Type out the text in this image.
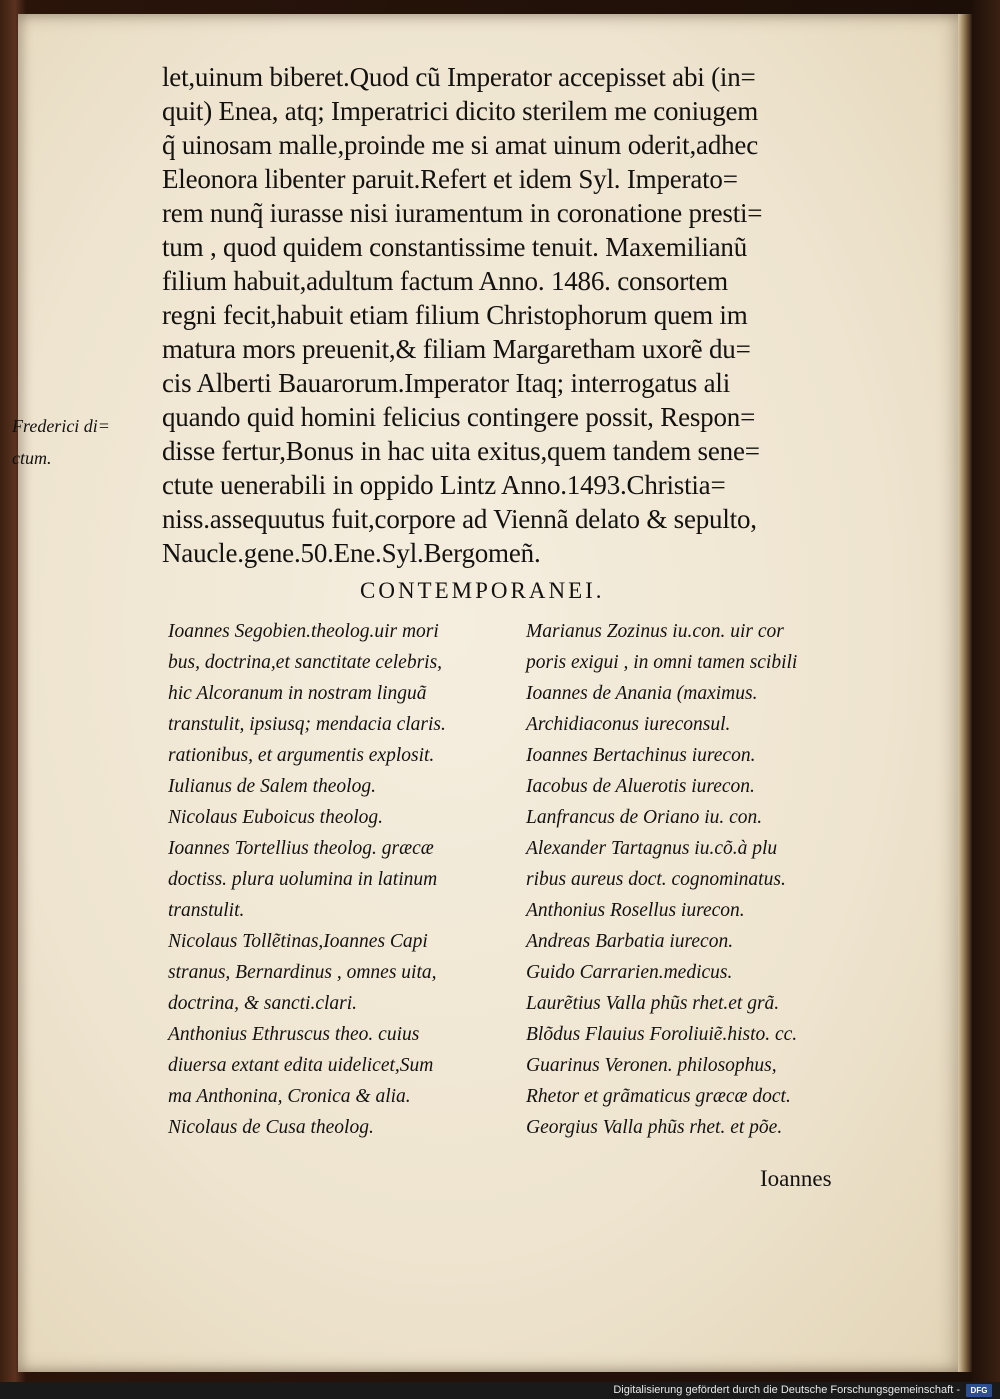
let,uinum biberet.Quod cũ Imperator accepisset abi (in=
quit) Enea, atq; Imperatrici dicito sterilem me coniugem
q̃ uinosam malle,proinde me si amat uinum oderit,adhec
Eleonora libenter paruit.Refert et idem Syl. Imperato=
rem nunq̃ iurasse nisi iuramentum in coronatione presti=
tum , quod quidem constantissime tenuit. Maxemilianũ
filium habuit,adultum factum Anno. 1486. consortem
regni fecit,habuit etiam filium Christophorum quem im
matura mors preuenit,& filiam Margaretham uxorẽ du=
cis Alberti Bauarorum.Imperator Itaq; interrogatus ali
quando quid homini felicius contingere possit, Respon=
disse fertur,Bonus in hac uita exitus,quem tandem sene=
ctute uenerabili in oppido Lintz Anno.1493.Christia=
niss.assequutus fuit,corpore ad Viennã delato & sepulto,
Naucle.gene.50.Ene.Syl.Bergomeñ.
Frederici di=
ctum.
CONTEMPORANEI.
Ioannes Segobien.theolog.uir mori
bus, doctrina,et sanctitate celebris,
hic Alcoranum in nostram linguã
transtulit, ipsiusq; mendacia claris.
rationibus, et argumentis explosit.
Iulianus de Salem theolog.
Nicolaus Euboicus theolog.
Ioannes Tortellius theolog. græcæ
doctiss. plura uolumina in latinum
transtulit.
Nicolaus Tollẽtinas,Ioannes Capi
stranus, Bernardinus , omnes uita,
doctrina, & sancti.clari.
Anthonius Ethruscus theo. cuius
diuersa extant edita uidelicet,Sum
ma Anthonina, Cronica & alia.
Nicolaus de Cusa theolog.
Marianus Zozinus iu.con. uir cor
poris exigui , in omni tamen scibili
Ioannes de Anania (maximus.
Archidiaconus iureconsul.
Ioannes Bertachinus iurecon.
Iacobus de Aluerotis iurecon.
Lanfrancus de Oriano iu. con.
Alexander Tartagnus iu.cõ.à plu
ribus aureus doct. cognominatus.
Anthonius Rosellus iurecon.
Andreas Barbatia iurecon.
Guido Carrarien.medicus.
Laurẽtius Valla phũs rhet.et grã.
Blõdus Flauius Foroliuiẽ.histo. cc.
Guarinus Veronen. philosophus,
Rhetor et grãmaticus græcæ doct.
Georgius Valla phũs rhet. et põe.
Ioannes
Digitalisierung gefördert durch die Deutsche Forschungsgemeinschaft -	DFG
